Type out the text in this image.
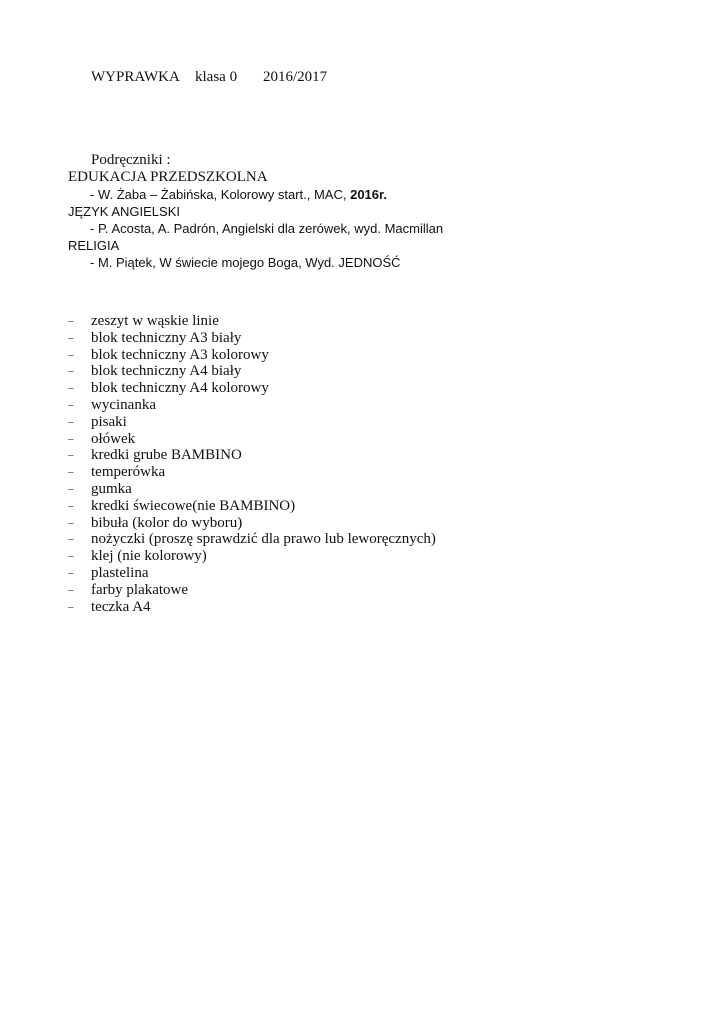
WYPRAWKA klasa 0 2016/2017
Podręczniki :
EDUKACJA PRZEDSZKOLNA
- W. Żaba – Żabińska, Kolorowy start., MAC, 2016r.
JĘZYK ANGIELSKI
- P. Acosta, A. Padrón, Angielski dla zerówek, wyd. Macmillan
RELIGIA
- M. Piątek, W świecie mojego Boga, Wyd. JEDNOŚĆ
– zeszyt w wąskie linie
– blok techniczny A3 biały
– blok techniczny A3 kolorowy
– blok techniczny A4 biały
– blok techniczny A4 kolorowy
– wycinanka
– pisaki
– ołówek
– kredki grube BAMBINO
– temperówka
– gumka
– kredki świecowe(nie BAMBINO)
– bibuła (kolor do wyboru)
– nożyczki (proszę sprawdzić dla prawo lub leworęcznych)
– klej (nie kolorowy)
– plastelina
– farby plakatowe
– teczka A4
